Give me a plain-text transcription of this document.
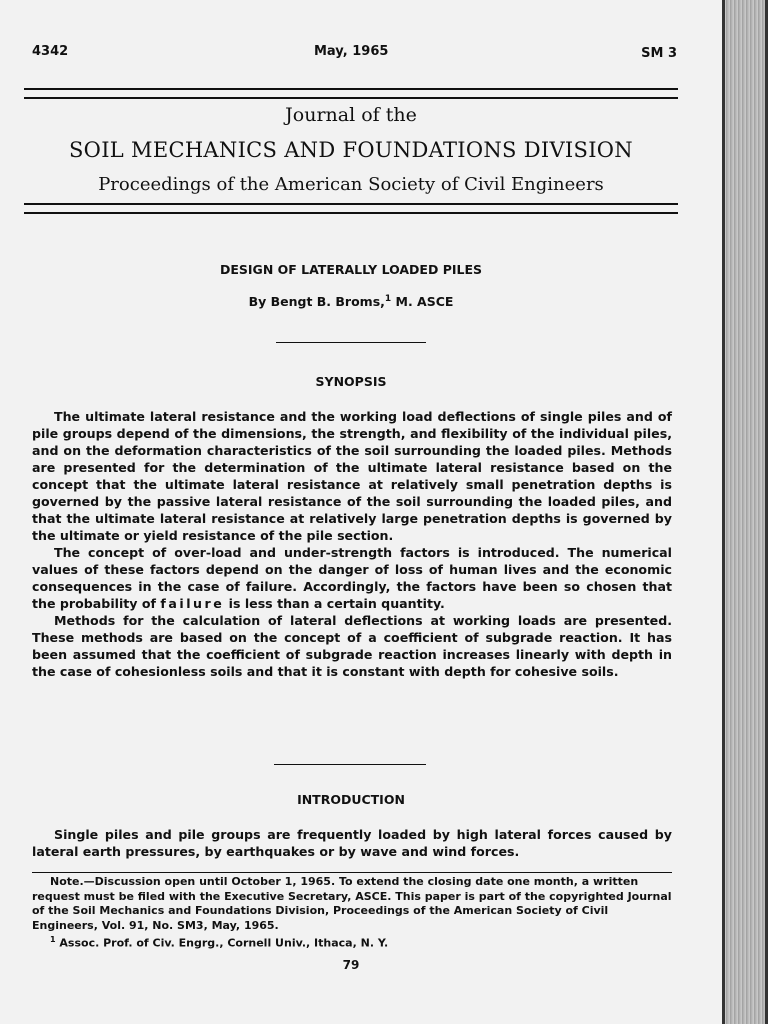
4342	May, 1965	SM 3
Journal of the
SOIL MECHANICS AND FOUNDATIONS DIVISION
Proceedings of the American Society of Civil Engineers
DESIGN OF LATERALLY LOADED PILES
By Bengt B. Broms,$^1$ M. ASCE
SYNOPSIS

The ultimate lateral resistance and the working load deflections of single piles and of pile groups depend of the dimensions, the strength, and flexibility of the individual piles, and on the deformation characteristics of the soil surrounding the loaded piles. Methods are presented for the determination of the ultimate lateral resistance based on the concept that the ultimate lateral resistance at relatively small penetration depths is governed by the passive lateral resistance of the soil surrounding the loaded piles, and that the ultimate lateral resistance at relatively large penetration depths is governed by the ultimate or yield resistance of the pile section.

The concept of over-load and under-strength factors is introduced. The numerical values of these factors depend on the danger of loss of human lives and the economic consequences in the case of failure. Accordingly, the factors have been so chosen that the probability of failure is less than a certain quantity.

Methods for the calculation of lateral deflections at working loads are presented. These methods are based on the concept of a coefficient of subgrade reaction. It has been assumed that the coefficient of subgrade reaction increases linearly with depth in the case of cohesionless soils and that it is constant with depth for cohesive soils.

INTRODUCTION

Single piles and pile groups are frequently loaded by high lateral forces caused by lateral earth pressures, by earthquakes or by wave and wind forces.

Note.—Discussion open until October 1, 1965. To extend the closing date one month, a written request must be filed with the Executive Secretary, ASCE. This paper is part of the copyrighted Journal of the Soil Mechanics and Foundations Division, Proceedings of the American Society of Civil Engineers, Vol. 91, No. SM3, May, 1965.

$^1$ Assoc. Prof. of Civ. Engrg., Cornell Univ., Ithaca, N. Y.

79
